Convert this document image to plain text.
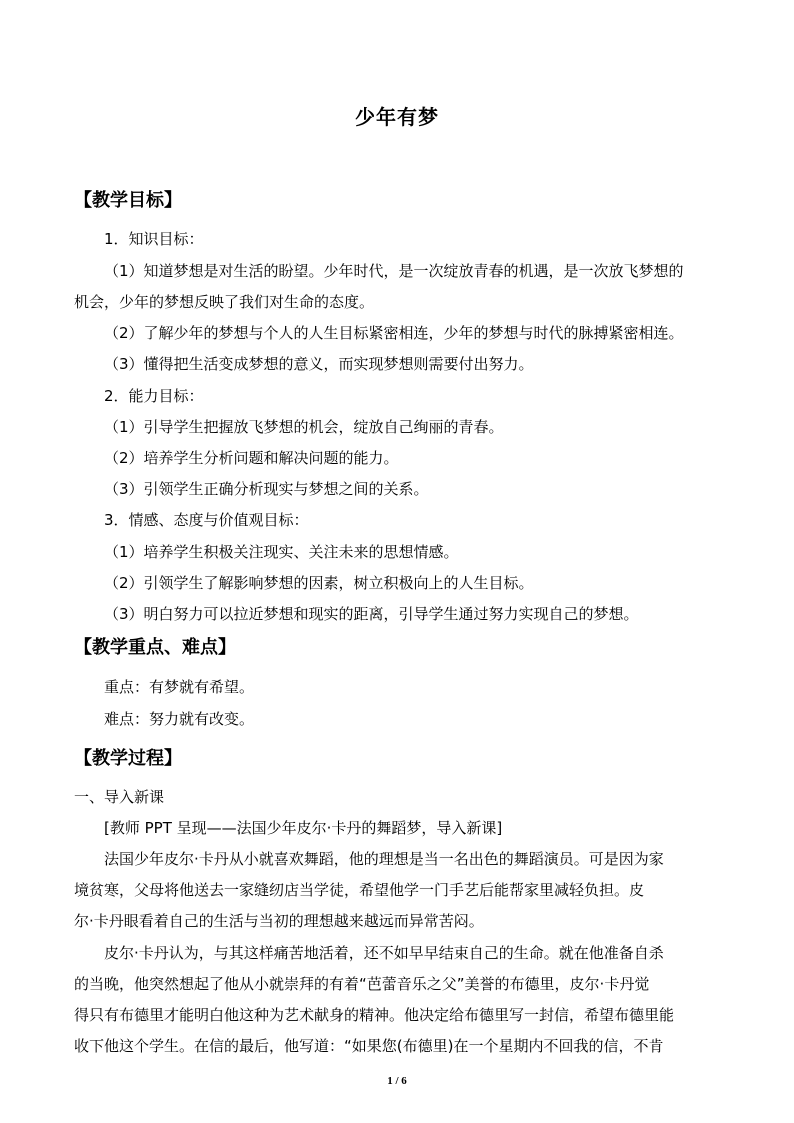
少年有梦
【教学目标】
1．知识目标：
（1）知道梦想是对生活的盼望。少年时代，是一次绽放青春的机遇，是一次放飞梦想的
机会，少年的梦想反映了我们对生命的态度。
（2）了解少年的梦想与个人的人生目标紧密相连，少年的梦想与时代的脉搏紧密相连。
（3）懂得把生活变成梦想的意义，而实现梦想则需要付出努力。
2．能力目标：
（1）引导学生把握放飞梦想的机会，绽放自己绚丽的青春。
（2）培养学生分析问题和解决问题的能力。
（3）引领学生正确分析现实与梦想之间的关系。
3．情感、态度与价值观目标：
（1）培养学生积极关注现实、关注未来的思想情感。
（2）引领学生了解影响梦想的因素，树立积极向上的人生目标。
（3）明白努力可以拉近梦想和现实的距离，引导学生通过努力实现自己的梦想。
【教学重点、难点】
重点：有梦就有希望。
难点：努力就有改变。
【教学过程】
一、导入新课
[教师 PPT 呈现——法国少年皮尔·卡丹的舞蹈梦，导入新课]
法国少年皮尔·卡丹从小就喜欢舞蹈，他的理想是当一名出色的舞蹈演员。可是因为家
境贫寒，父母将他送去一家缝纫店当学徒，希望他学一门手艺后能帮家里减轻负担。皮
尔·卡丹眼看着自己的生活与当初的理想越来越远而异常苦闷。
皮尔·卡丹认为，与其这样痛苦地活着，还不如早早结束自己的生命。就在他准备自杀
的当晚，他突然想起了他从小就崇拜的有着“芭蕾音乐之父”美誉的布德里，皮尔·卡丹觉
得只有布德里才能明白他这种为艺术献身的精神。他决定给布德里写一封信，希望布德里能
收下他这个学生。在信的最后，他写道：“如果您(布德里)在一个星期内不回我的信，不肯
1 / 6
